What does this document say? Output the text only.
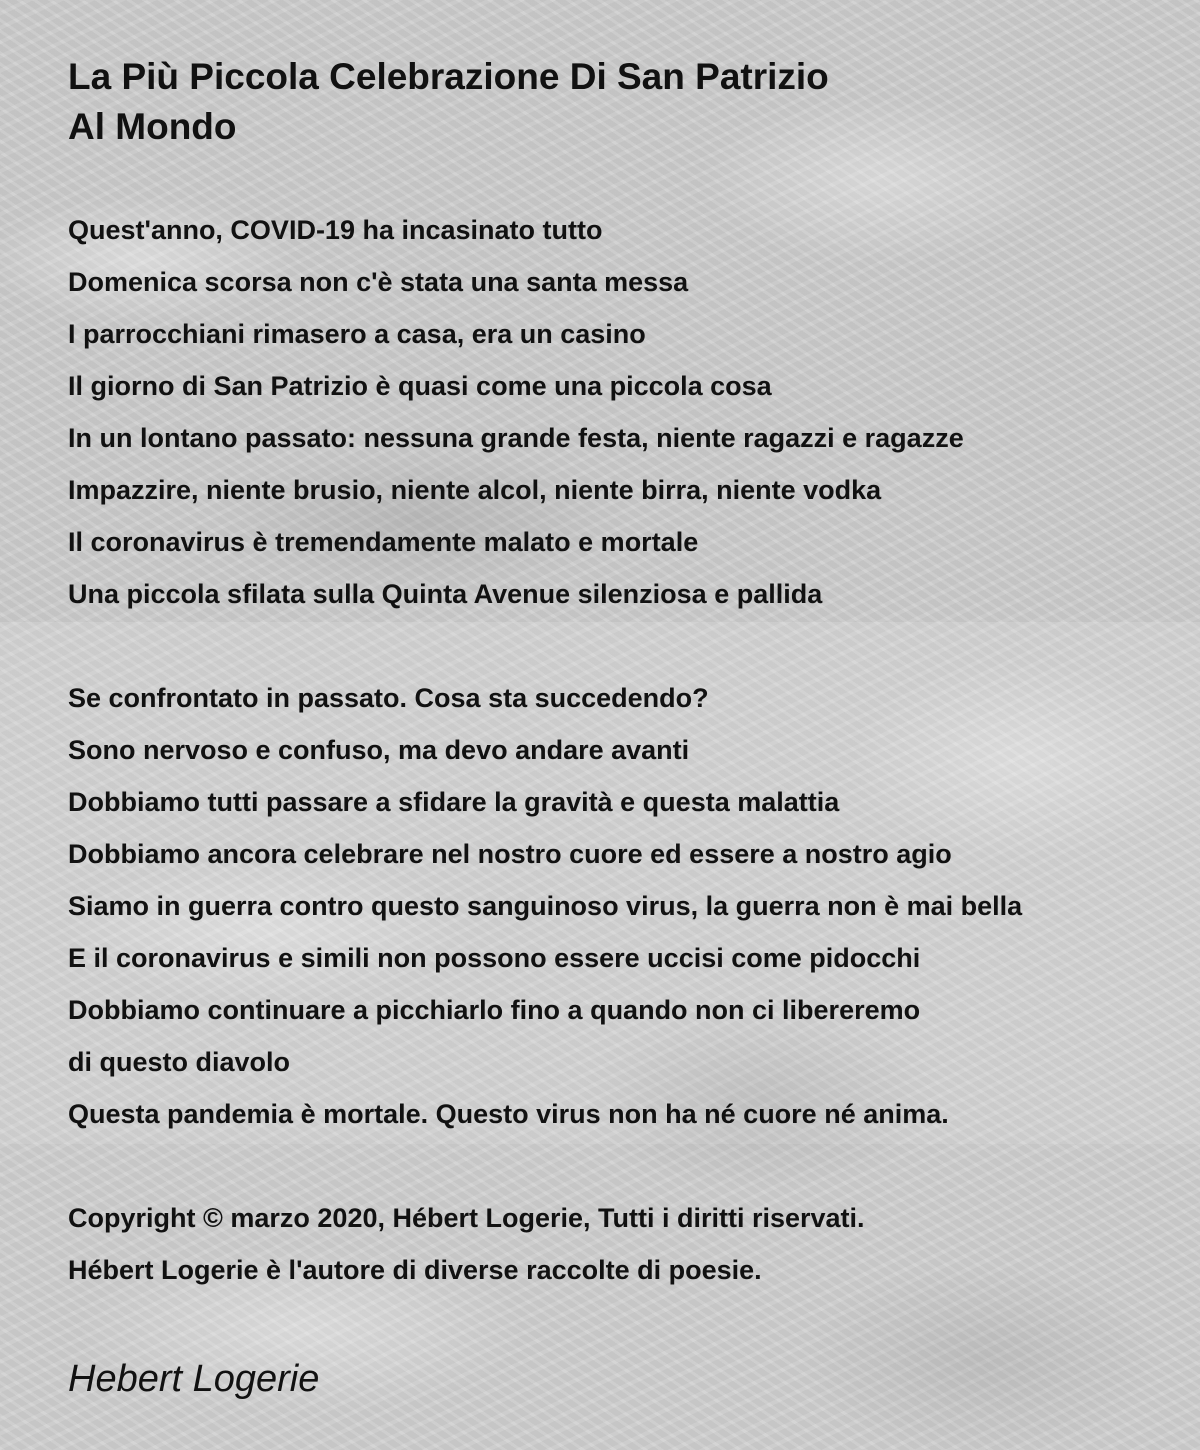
La Più Piccola Celebrazione Di San Patrizio
Al Mondo
Quest'anno, COVID-19 ha incasinato tutto
Domenica scorsa non c'è stata una santa messa
I parrocchiani rimasero a casa, era un casino
Il giorno di San Patrizio è quasi come una piccola cosa
In un lontano passato: nessuna grande festa, niente ragazzi e ragazze
Impazzire, niente brusio, niente alcol, niente birra, niente vodka
Il coronavirus è tremendamente malato e mortale
Una piccola sfilata sulla Quinta Avenue silenziosa e pallida
Se confrontato in passato. Cosa sta succedendo?
Sono nervoso e confuso, ma devo andare avanti
Dobbiamo tutti passare a sfidare la gravità e questa malattia
Dobbiamo ancora celebrare nel nostro cuore ed essere a nostro agio
Siamo in guerra contro questo sanguinoso virus, la guerra non è mai bella
E il coronavirus e simili non possono essere uccisi come pidocchi
Dobbiamo continuare a picchiarlo fino a quando non ci libereremo
di questo diavolo
Questa pandemia è mortale. Questo virus non ha né cuore né anima.
Copyright © marzo 2020, Hébert Logerie, Tutti i diritti riservati.
Hébert Logerie è l'autore di diverse raccolte di poesie.
Hebert Logerie
